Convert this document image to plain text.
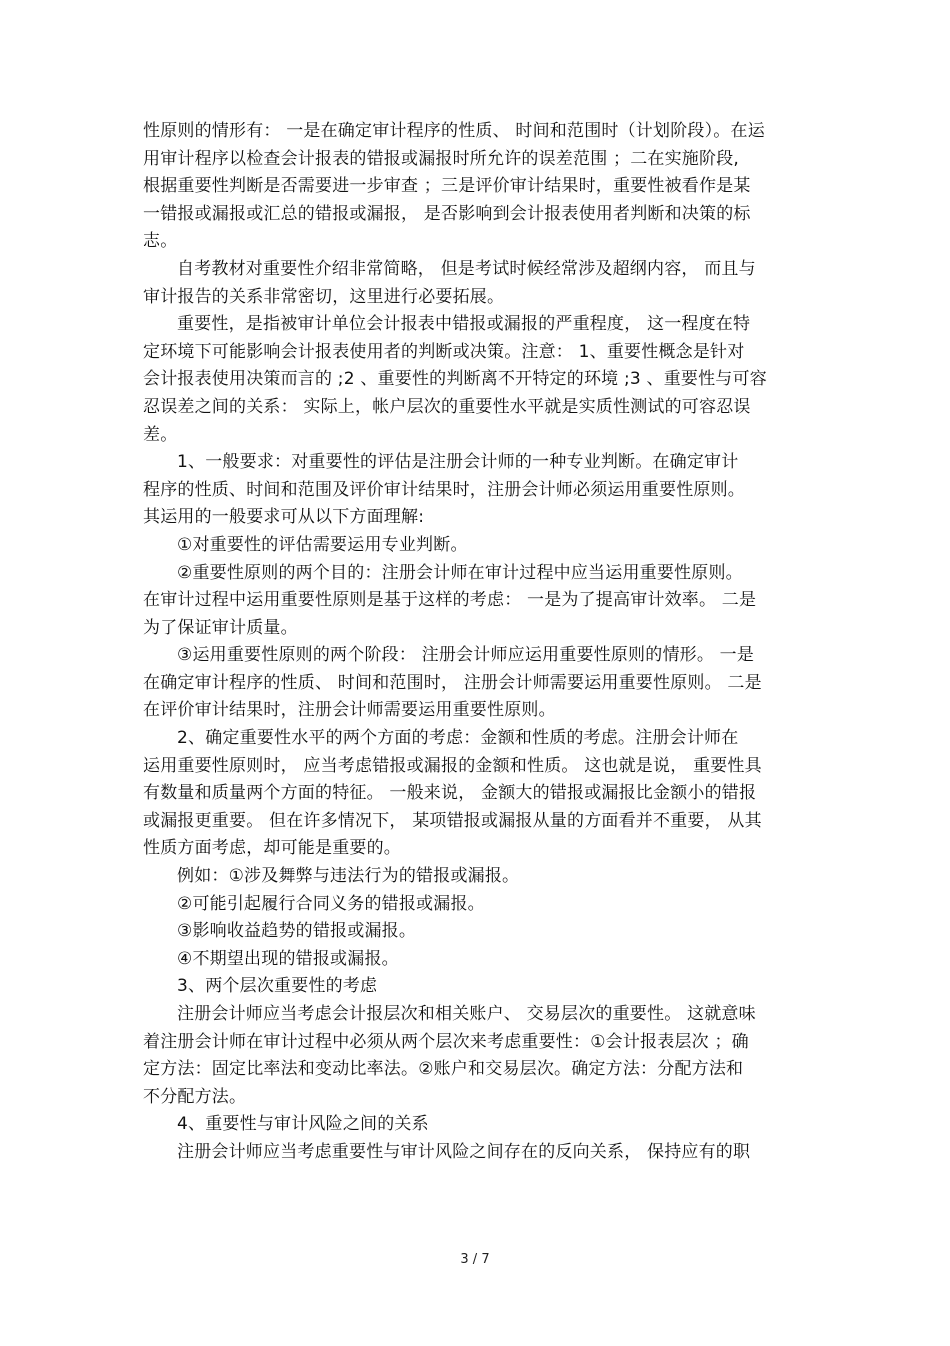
性原则的情形有： 一是在确定审计程序的性质、 时间和范围时（计划阶段）。在运
用审计程序以检查会计报表的错报或漏报时所允许的误差范围 ；二在实施阶段,
根据重要性判断是否需要进一步审查 ；三是评价审计结果时，重要性被看作是某
一错报或漏报或汇总的错报或漏报， 是否影响到会计报表使用者判断和决策的标
志。
自考教材对重要性介绍非常简略， 但是考试时候经常涉及超纲内容， 而且与
审计报告的关系非常密切，这里进行必要拓展。
重要性，是指被审计单位会计报表中错报或漏报的严重程度， 这一程度在特
定环境下可能影响会计报表使用者的判断或决策。注意： 1、重要性概念是针对
会计报表使用决策而言的 ;2 、重要性的判断离不开特定的环境 ;3 、重要性与可容
忍误差之间的关系： 实际上，帐户层次的重要性水平就是实质性测试的可容忍误
差。
1、一般要求：对重要性的评估是注册会计师的一种专业判断。在确定审计
程序的性质、时间和范围及评价审计结果时，注册会计师必须运用重要性原则。
其运用的一般要求可从以下方面理解:
①对重要性的评估需要运用专业判断。
②重要性原则的两个目的：注册会计师在审计过程中应当运用重要性原则。
在审计过程中运用重要性原则是基于这样的考虑： 一是为了提高审计效率。 二是
为了保证审计质量。
③运用重要性原则的两个阶段： 注册会计师应运用重要性原则的情形。 一是
在确定审计程序的性质、 时间和范围时， 注册会计师需要运用重要性原则。 二是
在评价审计结果时，注册会计师需要运用重要性原则。
2、确定重要性水平的两个方面的考虑：金额和性质的考虑。注册会计师在
运用重要性原则时， 应当考虑错报或漏报的金额和性质。 这也就是说， 重要性具
有数量和质量两个方面的特征。 一般来说， 金额大的错报或漏报比金额小的错报
或漏报更重要。 但在许多情况下， 某项错报或漏报从量的方面看并不重要， 从其
性质方面考虑，却可能是重要的。
例如：①涉及舞弊与违法行为的错报或漏报。
②可能引起履行合同义务的错报或漏报。
③影响收益趋势的错报或漏报。
④不期望出现的错报或漏报。
3、两个层次重要性的考虑
注册会计师应当考虑会计报层次和相关账户、 交易层次的重要性。 这就意味
着注册会计师在审计过程中必须从两个层次来考虑重要性：①会计报表层次 ；确
定方法：固定比率法和变动比率法。②账户和交易层次。确定方法：分配方法和
不分配方法。
4、重要性与审计风险之间的关系
注册会计师应当考虑重要性与审计风险之间存在的反向关系， 保持应有的职
3 / 7
